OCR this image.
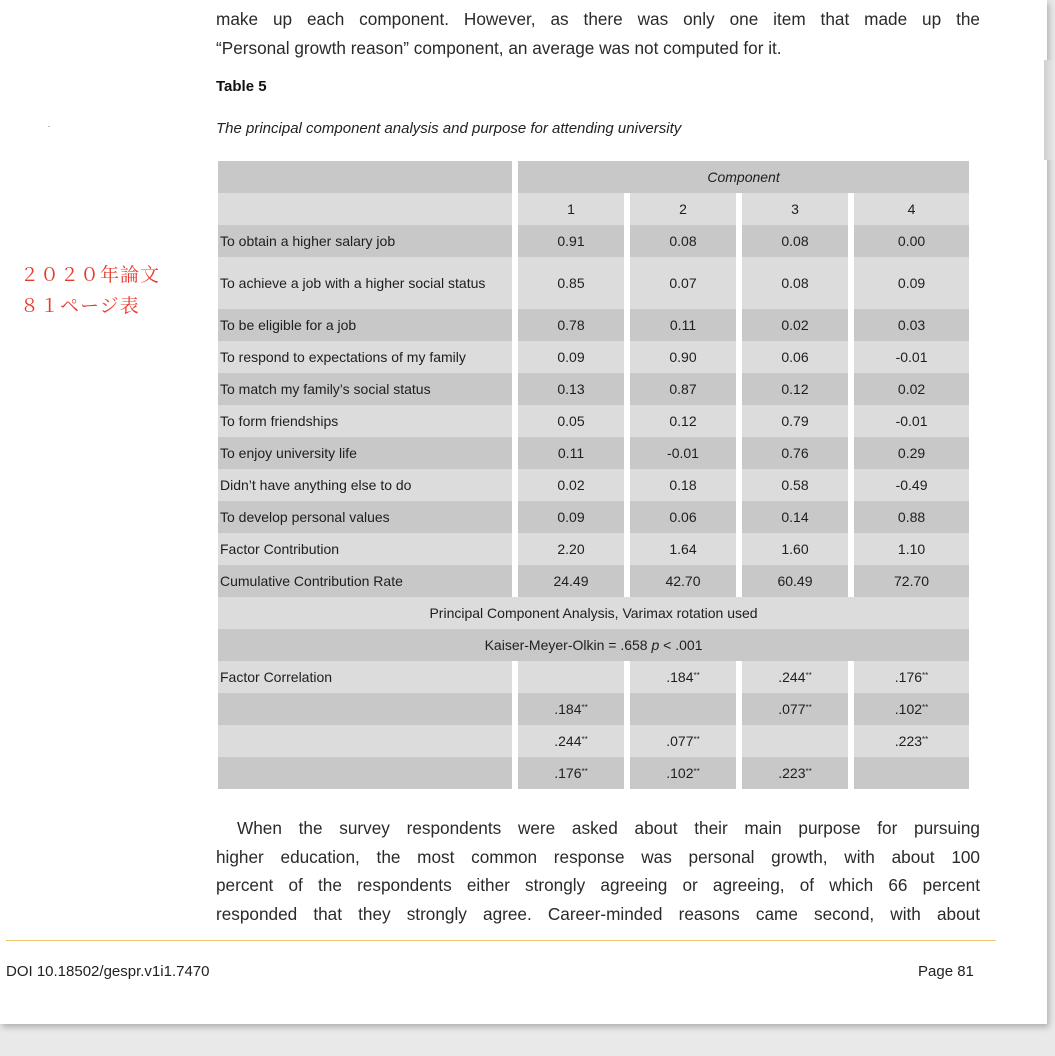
make up each component. However, as there was only one item that made up the
“Personal growth reason” component, an average was not computed for it.
Table 5
The principal component analysis and purpose for attending university
２０２０年論文
８１ページ表
		Component						
		1		2		3		4
To obtain a higher salary job		0.91		0.08		0.08		0.00
To achieve a job with a higher social status		0.85		0.07		0.08		0.09
To be eligible for a job		0.78		0.11		0.02		0.03
To respond to expectations of my family		0.09		0.90		0.06		-0.01
To match my family’s social status		0.13		0.87		0.12		0.02
To form friendships		0.05		0.12		0.79		-0.01
To enjoy university life		0.11		-0.01		0.76		0.29
Didn’t have anything else to do		0.02		0.18		0.58		-0.49
To develop personal values		0.09		0.06		0.14		0.88
Factor Contribution		2.20		1.64		1.60		1.10
Cumulative Contribution Rate		24.49		42.70		60.49		72.70
Principal Component Analysis, Varimax rotation used								
Kaiser-Meyer-Olkin = .658 p < .001								
Factor Correlation				.184**		.244**		.176**
		.184**				.077**		.102**
		.244**		.077**				.223**
		.176**		.102**		.223**		
When the survey respondents were asked about their main purpose for pursuing
higher education, the most common response was personal growth, with about 100
percent of the respondents either strongly agreeing or agreeing, of which 66 percent
responded that they strongly agree. Career-minded reasons came second, with about
DOI 10.18502/gespr.v1i1.7470	Page 81
